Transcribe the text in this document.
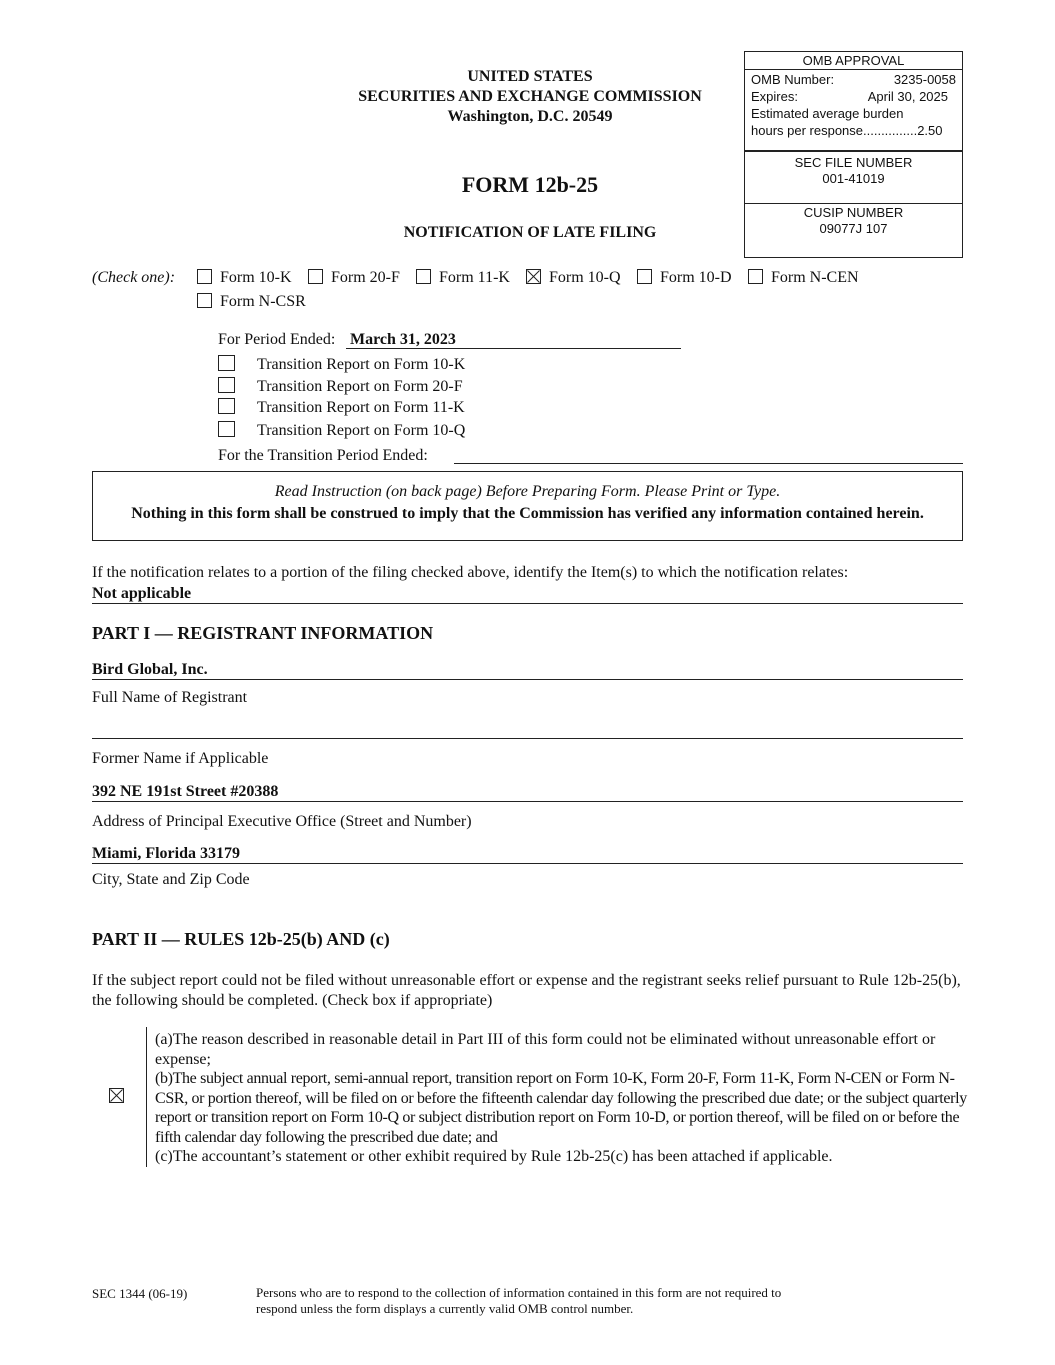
UNITED STATES
SECURITIES AND EXCHANGE COMMISSION
Washington, D.C. 20549
FORM 12b-25
NOTIFICATION OF LATE FILING
OMB APPROVAL
OMB Number:	3235-0058
Expires:	April 30, 2025
Estimated average burden
hours per response...............2.50
SEC FILE NUMBER
001-41019
CUSIP NUMBER
09077J 107
(Check one):	Form 10-K	Form 20-F	Form 11-K	Form 10-Q	Form 10-D	Form N-CEN
Form N-CSR
For Period Ended: March 31, 2023
Transition Report on Form 10-K
Transition Report on Form 20-F
Transition Report on Form 11-K
Transition Report on Form 10-Q
For the Transition Period Ended:
Read Instruction (on back page) Before Preparing Form. Please Print or Type.
Nothing in this form shall be construed to imply that the Commission has verified any information contained herein.
If the notification relates to a portion of the filing checked above, identify the Item(s) to which the notification relates:
Not applicable
PART I — REGISTRANT INFORMATION
Bird Global, Inc.
Full Name of Registrant
Former Name if Applicable
392 NE 191st Street #20388
Address of Principal Executive Office (Street and Number)
Miami, Florida 33179
City, State and Zip Code
PART II — RULES 12b-25(b) AND (c)
If the subject report could not be filed without unreasonable effort or expense and the registrant seeks relief pursuant to Rule 12b-25(b), the following should be completed. (Check box if appropriate)
(a)The reason described in reasonable detail in Part III of this form could not be eliminated without unreasonable effort or expense;
(b)The subject annual report, semi-annual report, transition report on Form 10-K, Form 20-F, Form 11-K, Form N-CEN or Form N-CSR, or portion thereof, will be filed on or before the fifteenth calendar day following the prescribed due date; or the subject quarterly report or transition report on Form 10-Q or subject distribution report on Form 10-D, or portion thereof, will be filed on or before the fifth calendar day following the prescribed due date; and
(c)The accountant’s statement or other exhibit required by Rule 12b-25(c) has been attached if applicable.
SEC 1344 (06-19)	Persons who are to respond to the collection of information contained in this form are not required to respond unless the form displays a currently valid OMB control number.
